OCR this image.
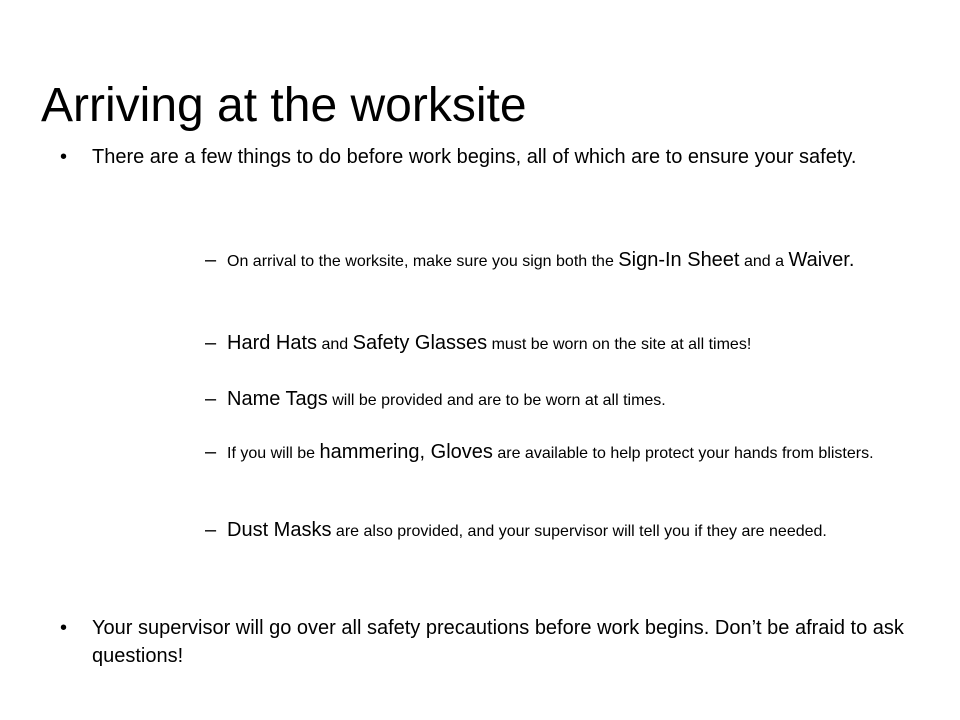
Arriving at the worksite
• There are a few things to do before work begins, all of which are to ensure your safety.
– On arrival to the worksite, make sure you sign both the Sign-In Sheet and a Waiver.
– Hard Hats and Safety Glasses must be worn on the site at all times!
– Name Tags will be provided and are to be worn at all times.
– If you will be hammering, Gloves are available to help protect your hands from blisters.
– Dust Masks are also provided, and your supervisor will tell you if they are needed.
• Your supervisor will go over all safety precautions before work begins. Don’t be afraid to ask questions!
